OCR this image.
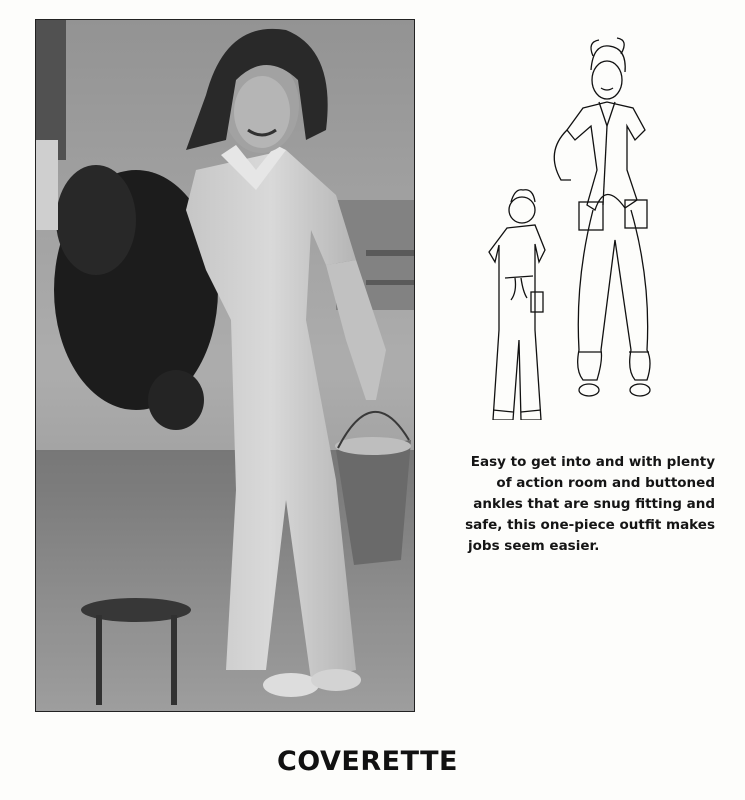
Easy to get into and with plenty
of action room and buttoned
ankles that are snug fitting and
safe, this one-piece outfit makes
jobs seem easier.
COVERETTE
